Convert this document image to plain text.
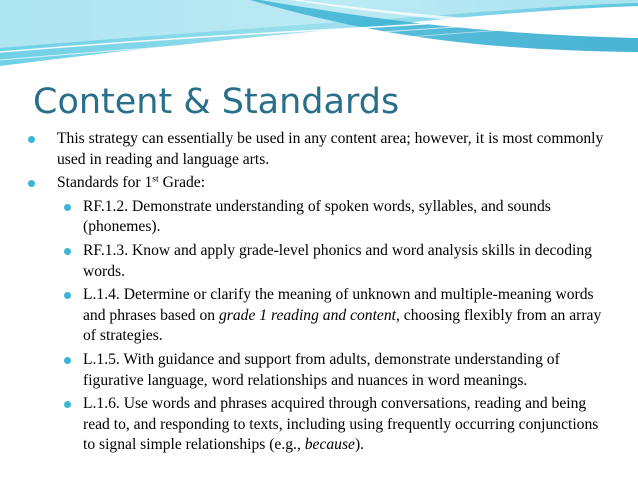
Content & Standards
This strategy can essentially be used in any content area; however, it is most commonly used in reading and language arts.
Standards for 1st Grade:
RF.1.2. Demonstrate understanding of spoken words, syllables, and sounds (phonemes).
RF.1.3. Know and apply grade-level phonics and word analysis skills in decoding words.
L.1.4. Determine or clarify the meaning of unknown and multiple-meaning words and phrases based on grade 1 reading and content, choosing flexibly from an array of strategies.
L.1.5. With guidance and support from adults, demonstrate understanding of figurative language, word relationships and nuances in word meanings.
L.1.6. Use words and phrases acquired through conversations, reading and being read to, and responding to texts, including using frequently occurring conjunctions to signal simple relationships (e.g., because).
